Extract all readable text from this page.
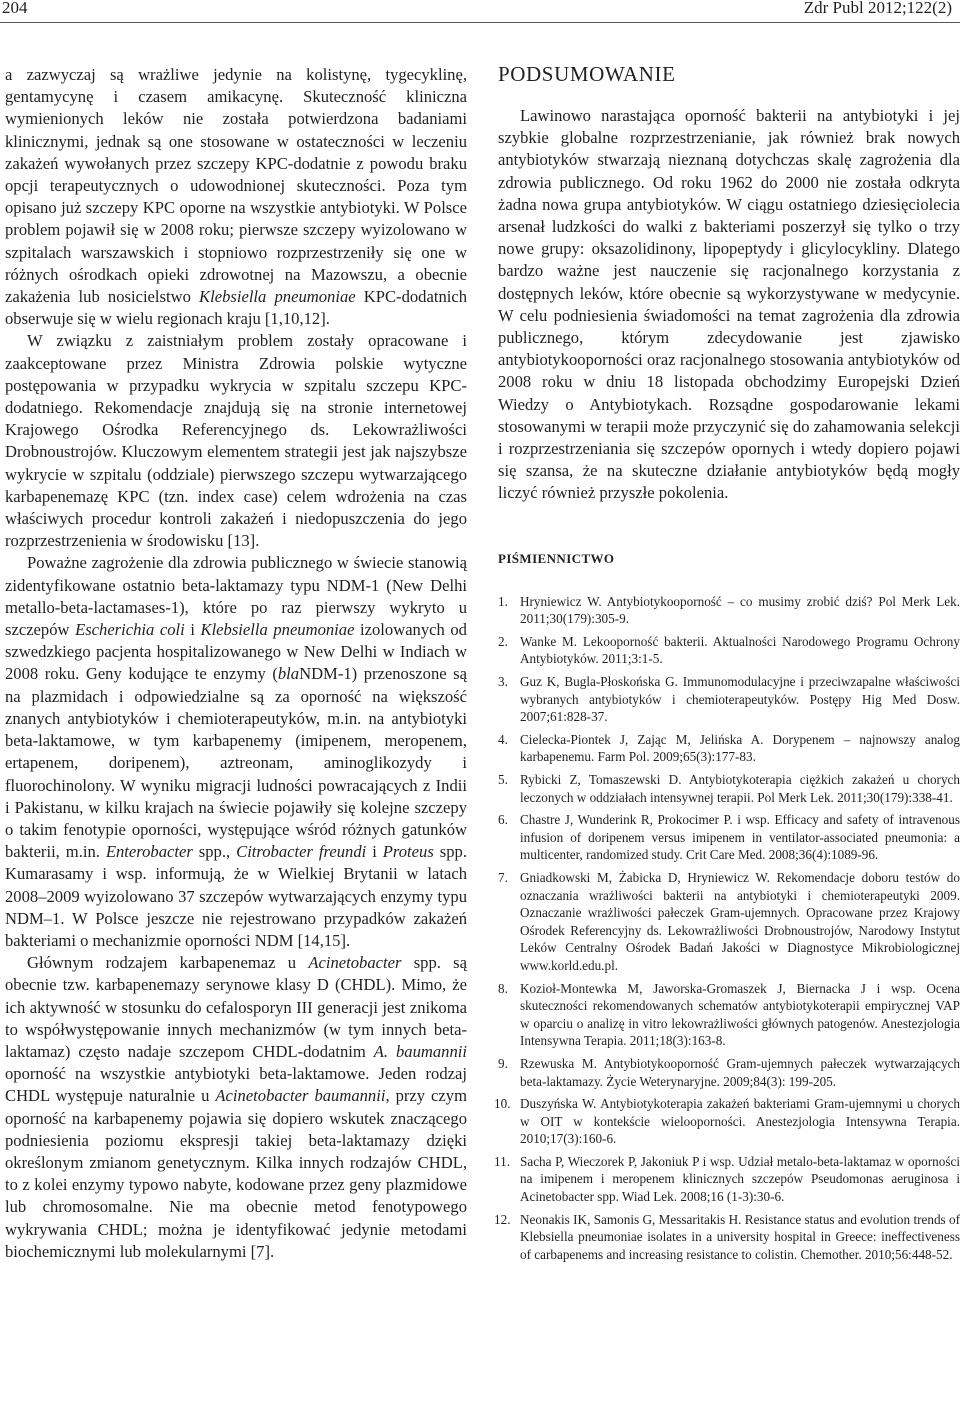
204	Zdr Publ 2012;122(2)

a zazwyczaj są wrażliwe jedynie na kolistynę, tygecyklinę, gentamycynę i czasem amikacynę. Skuteczność kliniczna wymienionych leków nie została potwierdzona badaniami klinicznymi, jednak są one stosowane w ostateczności w leczeniu zakażeń wywołanych przez szczepy KPC-dodatnie z powodu braku opcji terapeutycznych o udowodnionej skuteczności. Poza tym opisano już szczepy KPC oporne na wszystkie antybiotyki. W Polsce problem pojawił się w 2008 roku; pierwsze szczepy wyizolowano w szpitalach warszawskich i stopniowo rozprzestrzeniły się one w różnych ośrodkach opieki zdrowotnej na Mazowszu, a obecnie zakażenia lub nosicielstwo Klebsiella pneumoniae KPC-dodatnich obserwuje się w wielu regionach kraju [1,10,12].

W związku z zaistniałym problem zostały opracowane i zaakceptowane przez Ministra Zdrowia polskie wytyczne postępowania w przypadku wykrycia w szpitalu szczepu KPC-dodatniego. Rekomendacje znajdują się na stronie internetowej Krajowego Ośrodka Referencyjnego ds. Lekowrażliwości Drobnoustrojów. Kluczowym elementem strategii jest jak najszybsze wykrycie w szpitalu (oddziale) pierwszego szczepu wytwarzającego karbapenemazę KPC (tzn. index case) celem wdrożenia na czas właściwych procedur kontroli zakażeń i niedopuszczenia do jego rozprzestrzenienia w środowisku [13].

Poważne zagrożenie dla zdrowia publicznego w świecie stanowią zidentyfikowane ostatnio beta-laktamazy typu NDM-1 (New Delhi metallo-beta-lactamases-1), które po raz pierwszy wykryto u szczepów Escherichia coli i Klebsiella pneumoniae izolowanych od szwedzkiego pacjenta hospitalizowanego w New Delhi w Indiach w 2008 roku. Geny kodujące te enzymy (blaNDM-1) przenoszone są na plazmidach i odpowiedzialne są za oporność na większość znanych antybiotyków i chemioterapeutyków, m.in. na antybiotyki beta-laktamowe, w tym karbapenemy (imipenem, meropenem, ertapenem, doripenem), aztreonam, aminoglikozydy i fluorochinolony. W wyniku migracji ludności powracających z Indii i Pakistanu, w kilku krajach na świecie pojawiły się kolejne szczepy o takim fenotypie oporności, występujące wśród różnych gatunków bakterii, m.in. Enterobacter spp., Citrobacter freundi i Proteus spp. Kumarasamy i wsp. informują, że w Wielkiej Brytanii w latach 2008–2009 wyizolowano 37 szczepów wytwarzających enzymy typu NDM–1. W Polsce jeszcze nie rejestrowano przypadków zakażeń bakteriami o mechanizmie oporności NDM [14,15].

Głównym rodzajem karbapenemaz u Acinetobacter spp. są obecnie tzw. karbapenemazy serynowe klasy D (CHDL). Mimo, że ich aktywność w stosunku do cefalosporyn III generacji jest znikoma to współwystępowanie innych mechanizmów (w tym innych beta-laktamaz) często nadaje szczepom CHDL-dodatnim A. baumannii oporność na wszystkie antybiotyki beta-laktamowe. Jeden rodzaj CHDL występuje naturalnie u Acinetobacter baumannii, przy czym oporność na karbapenemy pojawia się dopiero wskutek znaczącego podniesienia poziomu ekspresji takiej beta-laktamazy dzięki określonym zmianom genetycznym. Kilka innych rodzajów CHDL, to z kolei enzymy typowo nabyte, kodowane przez geny plazmidowe lub chromosomalne. Nie ma obecnie metod fenotypowego wykrywania CHDL; można je identyfikować jedynie metodami biochemicznymi lub molekularnymi [7].

PODSUMOWANIE

Lawinowo narastająca oporność bakterii na antybiotyki i jej szybkie globalne rozprzestrzenianie, jak również brak nowych antybiotyków stwarzają nieznaną dotychczas skalę zagrożenia dla zdrowia publicznego. Od roku 1962 do 2000 nie została odkryta żadna nowa grupa antybiotyków. W ciągu ostatniego dziesięciolecia arsenał ludzkości do walki z bakteriami poszerzył się tylko o trzy nowe grupy: oksazolidinony, lipopeptydy i glicylocykliny. Dlatego bardzo ważne jest nauczenie się racjonalnego korzystania z dostępnych leków, które obecnie są wykorzystywane w medycynie. W celu podniesienia świadomości na temat zagrożenia dla zdrowia publicznego, którym zdecydowanie jest zjawisko antybiotykooporności oraz racjonalnego stosowania antybiotyków od 2008 roku w dniu 18 listopada obchodzimy Europejski Dzień Wiedzy o Antybiotykach. Rozsądne gospodarowanie lekami stosowanymi w terapii może przyczynić się do zahamowania selekcji i rozprzestrzeniania się szczepów opornych i wtedy dopiero pojawi się szansa, że na skuteczne działanie antybiotyków będą mogły liczyć również przyszłe pokolenia.

PIŚMIENNICTWO
1. Hryniewicz W. Antybiotykooporność – co musimy zrobić dziś? Pol Merk Lek. 2011;30(179):305-9.
2. Wanke M. Lekooporność bakterii. Aktualności Narodowego Programu Ochrony Antybiotyków. 2011;3:1-5.
3. Guz K, Bugla-Płoskońska G. Immunomodulacyjne i przeciwzapalne właściwości wybranych antybiotyków i chemioterapeutyków. Postępy Hig Med Dosw. 2007;61:828-37.
4. Cielecka-Piontek J, Zając M, Jelińska A. Dorypenem – najnowszy analog karbapenemu. Farm Pol. 2009;65(3):177-83.
5. Rybicki Z, Tomaszewski D. Antybiotykoterapia ciężkich zakażeń u chorych leczonych w oddziałach intensywnej terapii. Pol Merk Lek. 2011;30(179):338-41.
6. Chastre J, Wunderink R, Prokocimer P. i wsp. Efficacy and safety of intravenous infusion of doripenem versus imipenem in ventilator-associated pneumonia: a multicenter, randomized study. Crit Care Med. 2008;36(4):1089-96.
7. Gniadkowski M, Żabicka D, Hryniewicz W. Rekomendacje doboru testów do oznaczania wrażliwości bakterii na antybiotyki i chemioterapeutyki 2009. Oznaczanie wrażliwości pałeczek Gram-ujemnych. Opracowane przez Krajowy Ośrodek Referencyjny ds. Lekowrażliwości Drobnoustrojów, Narodowy Instytut Leków Centralny Ośrodek Badań Jakości w Diagnostyce Mikrobiologicznej www.korld.edu.pl.
8. Kozioł-Montewka M, Jaworska-Gromaszek J, Biernacka J i wsp. Ocena skuteczności rekomendowanych schematów antybiotykoterapii empirycznej VAP w oparciu o analizę in vitro lekowrażliwości głównych patogenów. Anestezjologia Intensywna Terapia. 2011;18(3):163-8.
9. Rzewuska M. Antybiotykooporność Gram-ujemnych pałeczek wytwarzających beta-laktamazy. Życie Weterynaryjne. 2009;84(3): 199-205.
10. Duszyńska W. Antybiotykoterapia zakażeń bakteriami Gram-ujemnymi u chorych w OIT w kontekście wielooporności. Anestezjologia Intensywna Terapia. 2010;17(3):160-6.
11. Sacha P, Wieczorek P, Jakoniuk P i wsp. Udział metalo-beta-laktamaz w oporności na imipenem i meropenem klinicznych szczepów Pseudomonas aeruginosa i Acinetobacter spp. Wiad Lek. 2008;16 (1-3):30-6.
12. Neonakis IK, Samonis G, Messaritakis H. Resistance status and evolution trends of Klebsiella pneumoniae isolates in a university hospital in Greece: ineffectiveness of carbapenems and increasing resistance to colistin. Chemother. 2010;56:448-52.
